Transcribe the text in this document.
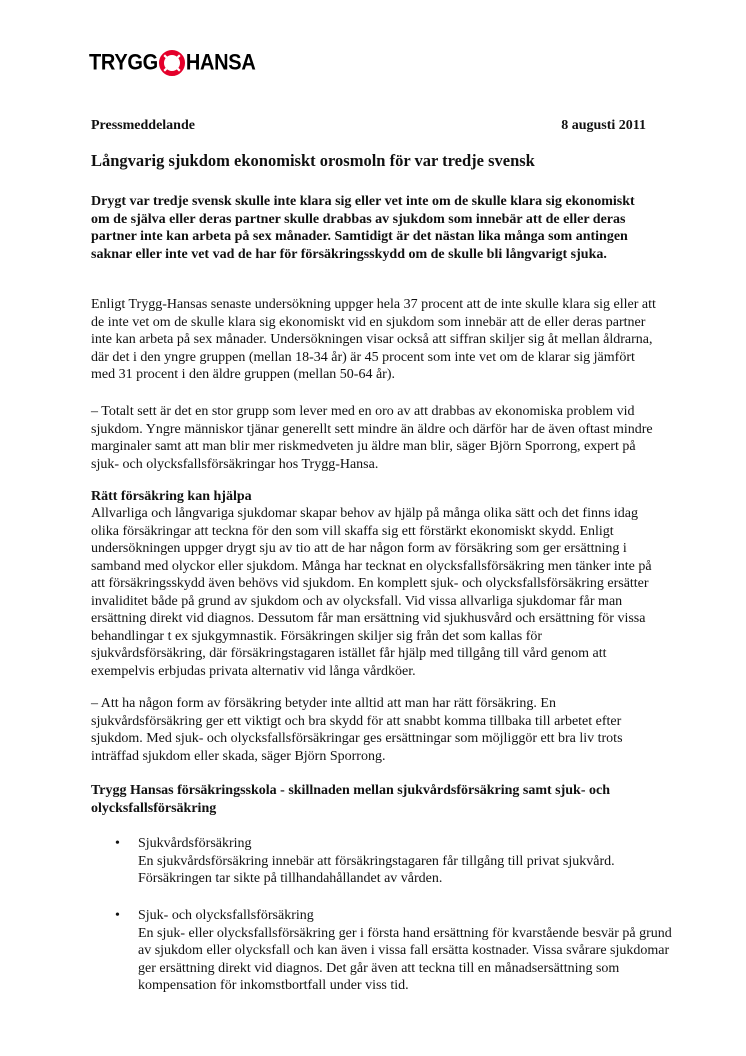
TRYGG HANSA
Pressmeddelande	8 augusti 2011
Långvarig sjukdom ekonomiskt orosmoln för var tredje svensk
Drygt var tredje svensk skulle inte klara sig eller vet inte om de skulle klara sig ekonomiskt om de själva eller deras partner skulle drabbas av sjukdom som innebär att de eller deras partner inte kan arbeta på sex månader. Samtidigt är det nästan lika många som antingen saknar eller inte vet vad de har för försäkringsskydd om de skulle bli långvarigt sjuka.
Enligt Trygg-Hansas senaste undersökning uppger hela 37 procent att de inte skulle klara sig eller att de inte vet om de skulle klara sig ekonomiskt vid en sjukdom som innebär att de eller deras partner inte kan arbeta på sex månader. Undersökningen visar också att siffran skiljer sig åt mellan åldrarna, där det i den yngre gruppen (mellan 18-34 år) är 45 procent som inte vet om de klarar sig jämfört med 31 procent i den äldre gruppen (mellan 50-64 år).
– Totalt sett är det en stor grupp som lever med en oro av att drabbas av ekonomiska problem vid sjukdom. Yngre människor tjänar generellt sett mindre än äldre och därför har de även oftast mindre marginaler samt att man blir mer riskmedveten ju äldre man blir, säger Björn Sporrong, expert på sjuk- och olycksfallsförsäkringar hos Trygg-Hansa.
Rätt försäkring kan hjälpa
Allvarliga och långvariga sjukdomar skapar behov av hjälp på många olika sätt och det finns idag olika försäkringar att teckna för den som vill skaffa sig ett förstärkt ekonomiskt skydd. Enligt undersökningen uppger drygt sju av tio att de har någon form av försäkring som ger ersättning i samband med olyckor eller sjukdom. Många har tecknat en olycksfallsförsäkring men tänker inte på att försäkringsskydd även behövs vid sjukdom. En komplett sjuk- och olycksfallsförsäkring ersätter invaliditet både på grund av sjukdom och av olycksfall. Vid vissa allvarliga sjukdomar får man ersättning direkt vid diagnos. Dessutom får man ersättning vid sjukhusvård och ersättning för vissa behandlingar t ex sjukgymnastik. Försäkringen skiljer sig från det som kallas för sjukvårdsförsäkring, där försäkringstagaren istället får hjälp med tillgång till vård genom att exempelvis erbjudas privata alternativ vid långa vårdköer.
– Att ha någon form av försäkring betyder inte alltid att man har rätt försäkring. En sjukvårdsförsäkring ger ett viktigt och bra skydd för att snabbt komma tillbaka till arbetet efter sjukdom. Med sjuk- och olycksfallsförsäkringar ges ersättningar som möjliggör ett bra liv trots inträffad sjukdom eller skada, säger Björn Sporrong.
Trygg Hansas försäkringsskola - skillnaden mellan sjukvårdsförsäkring samt sjuk- och olycksfallsförsäkring
• Sjukvårdsförsäkring
En sjukvårdsförsäkring innebär att försäkringstagaren får tillgång till privat sjukvård. Försäkringen tar sikte på tillhandahållandet av vården.
• Sjuk- och olycksfallsförsäkring
En sjuk- eller olycksfallsförsäkring ger i första hand ersättning för kvarstående besvär på grund av sjukdom eller olycksfall och kan även i vissa fall ersätta kostnader. Vissa svårare sjukdomar ger ersättning direkt vid diagnos. Det går även att teckna till en månadsersättning som kompensation för inkomstbortfall under viss tid.
